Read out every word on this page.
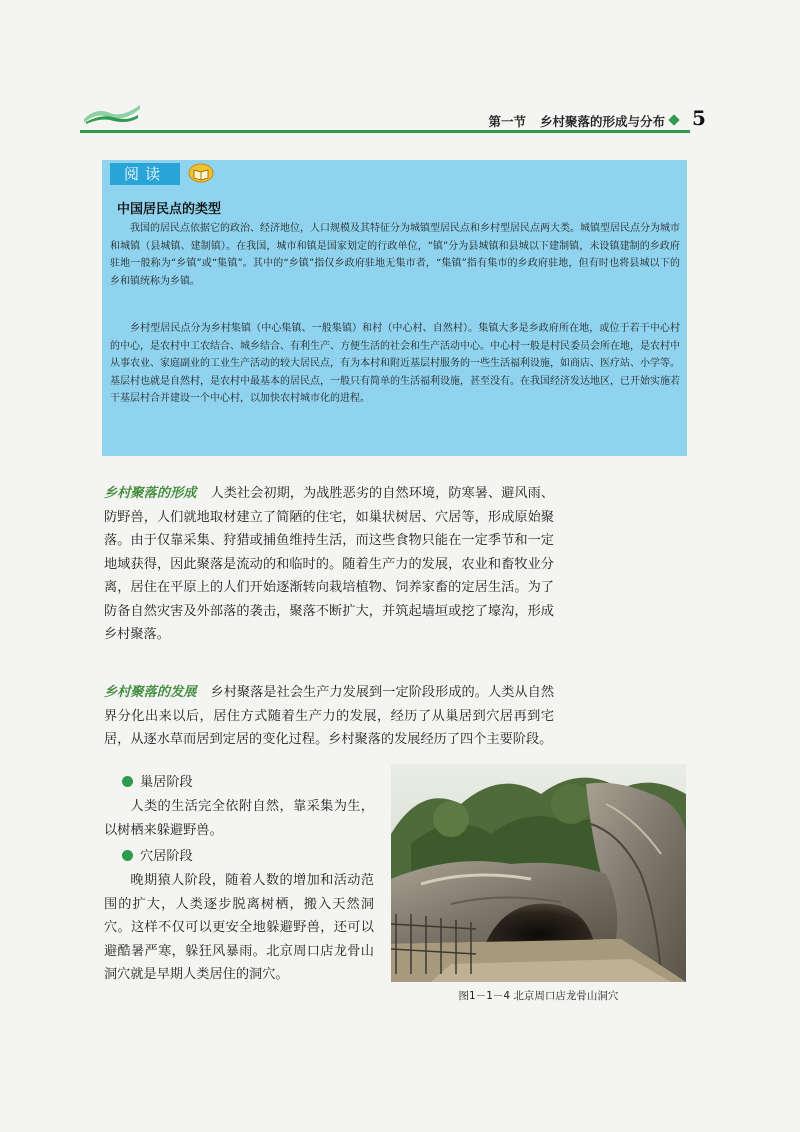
第一节 乡村聚落的形成与分布 5
阅读
中国居民点的类型

我国的居民点依据它的政治、经济地位，人口规模及其特征分为城镇型居民点和乡村型居民点两大类。城镇型居民点分为城市和城镇（县城镇、建制镇）。在我国，城市和镇是国家划定的行政单位，“镇”分为县城镇和县城以下建制镇，未设镇建制的乡政府驻地一般称为“乡镇”或“集镇”。其中的“乡镇”指仅乡政府驻地无集市者，“集镇”指有集市的乡政府驻地，但有时也将县城以下的乡和镇统称为乡镇。

乡村型居民点分为乡村集镇（中心集镇、一般集镇）和村（中心村、自然村）。集镇大多是乡政府所在地，或位于若干中心村的中心，是农村中工农结合、城乡结合、有利生产、方便生活的社会和生产活动中心。中心村一般是村民委员会所在地，是农村中从事农业、家庭副业的工业生产活动的较大居民点，有为本村和附近基层村服务的一些生活福利设施，如商店、医疗站、小学等。基层村也就是自然村，是农村中最基本的居民点，一般只有简单的生活福利设施，甚至没有。在我国经济发达地区，已开始实施若干基层村合并建设一个中心村，以加快农村城市化的进程。

乡村聚落的形成 人类社会初期，为战胜恶劣的自然环境，防寒暑、避风雨、防野兽，人们就地取材建立了简陋的住宅，如巢状树居、穴居等，形成原始聚落。由于仅靠采集、狩猎或捕鱼维持生活，而这些食物只能在一定季节和一定地域获得，因此聚落是流动的和临时的。随着生产力的发展，农业和畜牧业分离，居住在平原上的人们开始逐渐转向栽培植物、饲养家畜的定居生活。为了防备自然灾害及外部落的袭击，聚落不断扩大，并筑起墙垣或挖了壕沟，形成乡村聚落。

乡村聚落的发展 乡村聚落是社会生产力发展到一定阶段形成的。人类从自然界分化出来以后，居住方式随着生产力的发展，经历了从巢居到穴居再到宅居，从逐水草而居到定居的变化过程。乡村聚落的发展经历了四个主要阶段。

巢居阶段

人类的生活完全依附自然，靠采集为生，以树栖来躲避野兽。

穴居阶段

晚期猿人阶段，随着人数的增加和活动范围的扩大，人类逐步脱离树栖，搬入天然洞穴。这样不仅可以更安全地躲避野兽，还可以避酷暑严寒，躲狂风暴雨。北京周口店龙骨山洞穴就是早期人类居住的洞穴。

图1－1－4 北京周口店龙骨山洞穴
